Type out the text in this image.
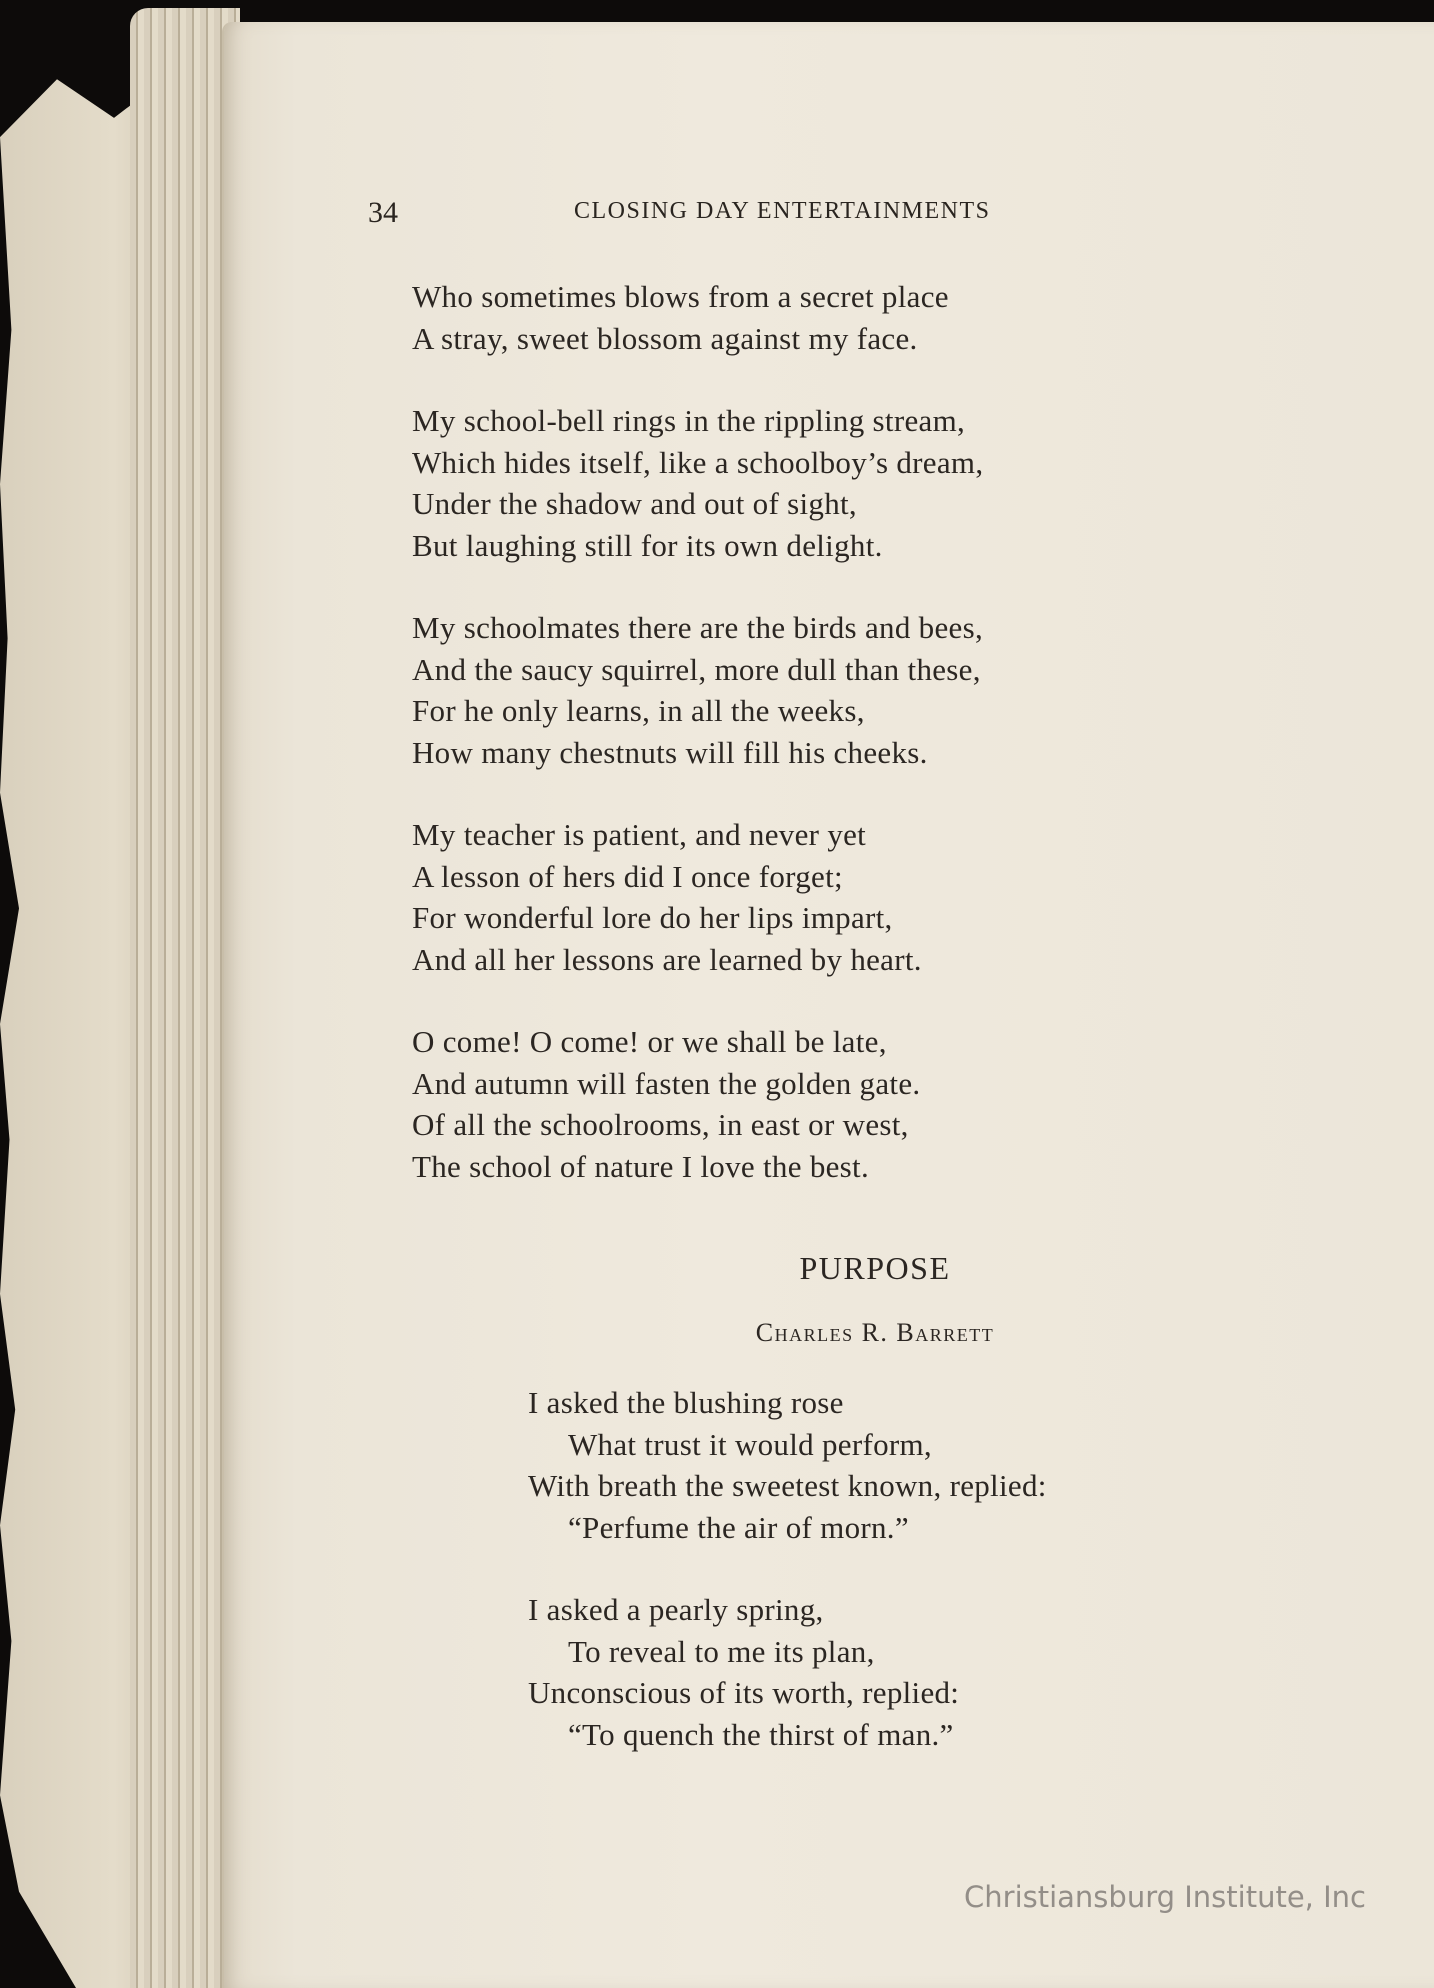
34	CLOSING DAY ENTERTAINMENTS
Who sometimes blows from a secret place
A stray, sweet blossom against my face.
My school-bell rings in the rippling stream,
Which hides itself, like a schoolboy’s dream,
Under the shadow and out of sight,
But laughing still for its own delight.
My schoolmates there are the birds and bees,
And the saucy squirrel, more dull than these,
For he only learns, in all the weeks,
How many chestnuts will fill his cheeks.
My teacher is patient, and never yet
A lesson of hers did I once forget;
For wonderful lore do her lips impart,
And all her lessons are learned by heart.
O come! O come! or we shall be late,
And autumn will fasten the golden gate.
Of all the schoolrooms, in east or west,
The school of nature I love the best.
PURPOSE
Charles R. Barrett
I asked the blushing rose
What trust it would perform,
With breath the sweetest known, replied:
“Perfume the air of morn.”
I asked a pearly spring,
To reveal to me its plan,
Unconscious of its worth, replied:
“To quench the thirst of man.”
Christiansburg Institute, Inc
